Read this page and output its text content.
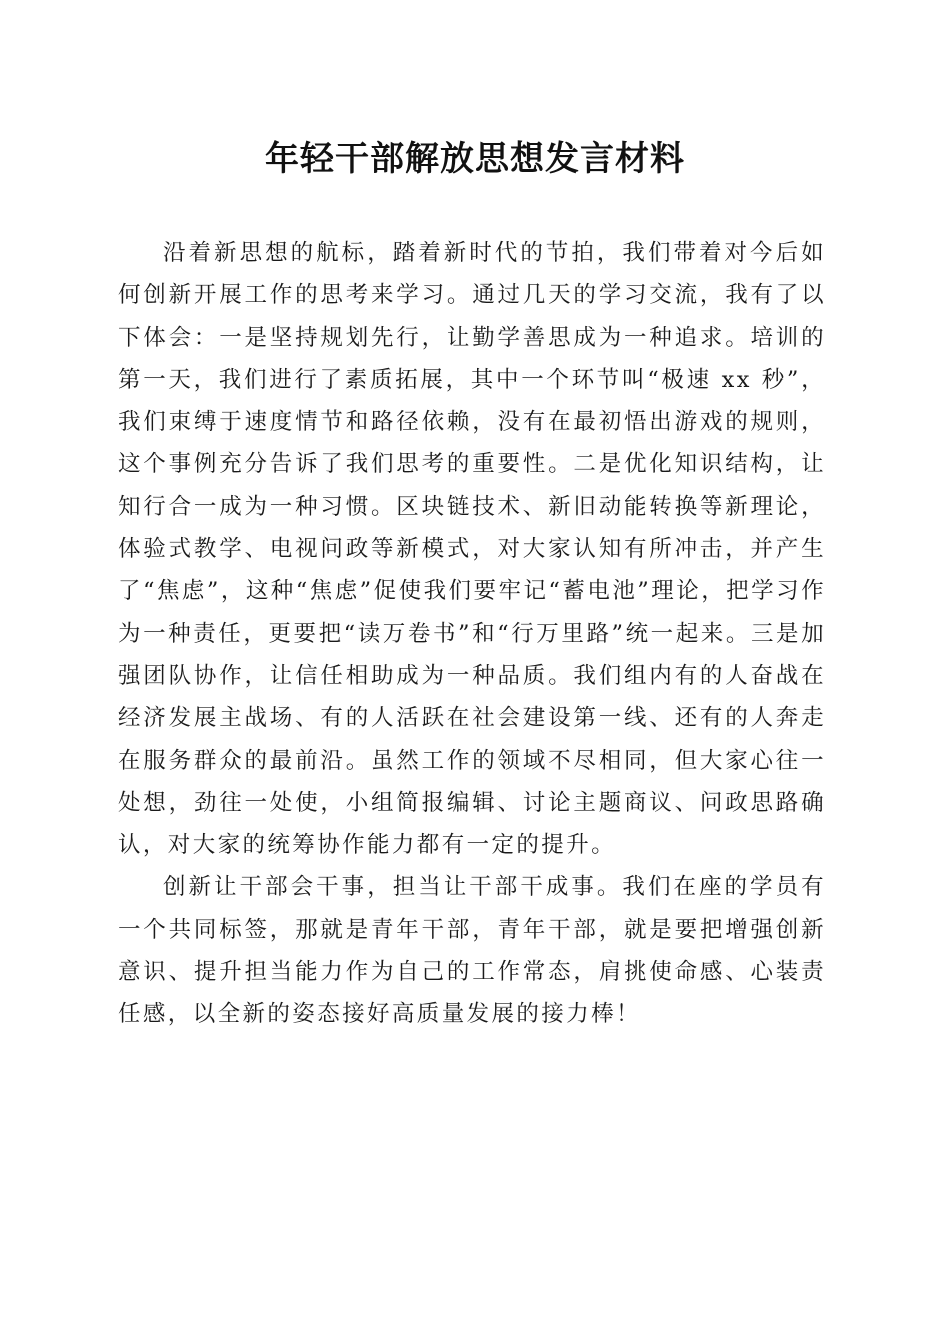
年轻干部解放思想发言材料

沿着新思想的航标，踏着新时代的节拍，我们带着对今后如何创新开展工作的思考来学习。通过几天的学习交流，我有了以下体会：一是坚持规划先行，让勤学善思成为一种追求。培训的第一天，我们进行了素质拓展，其中一个环节叫“极速 xx 秒”，我们束缚于速度情节和路径依赖，没有在最初悟出游戏的规则，这个事例充分告诉了我们思考的重要性。二是优化知识结构，让知行合一成为一种习惯。区块链技术、新旧动能转换等新理论，体验式教学、电视问政等新模式，对大家认知有所冲击，并产生了“焦虑”，这种“焦虑”促使我们要牢记“蓄电池”理论，把学习作为一种责任，更要把“读万卷书”和“行万里路”统一起来。三是加强团队协作，让信任相助成为一种品质。我们组内有的人奋战在经济发展主战场、有的人活跃在社会建设第一线、还有的人奔走在服务群众的最前沿。虽然工作的领域不尽相同，但大家心往一处想，劲往一处使，小组简报编辑、讨论主题商议、问政思路确认，对大家的统筹协作能力都有一定的提升。

创新让干部会干事，担当让干部干成事。我们在座的学员有一个共同标签，那就是青年干部，青年干部，就是要把增强创新意识、提升担当能力作为自己的工作常态，肩挑使命感、心装责任感，以全新的姿态接好高质量发展的接力棒！
